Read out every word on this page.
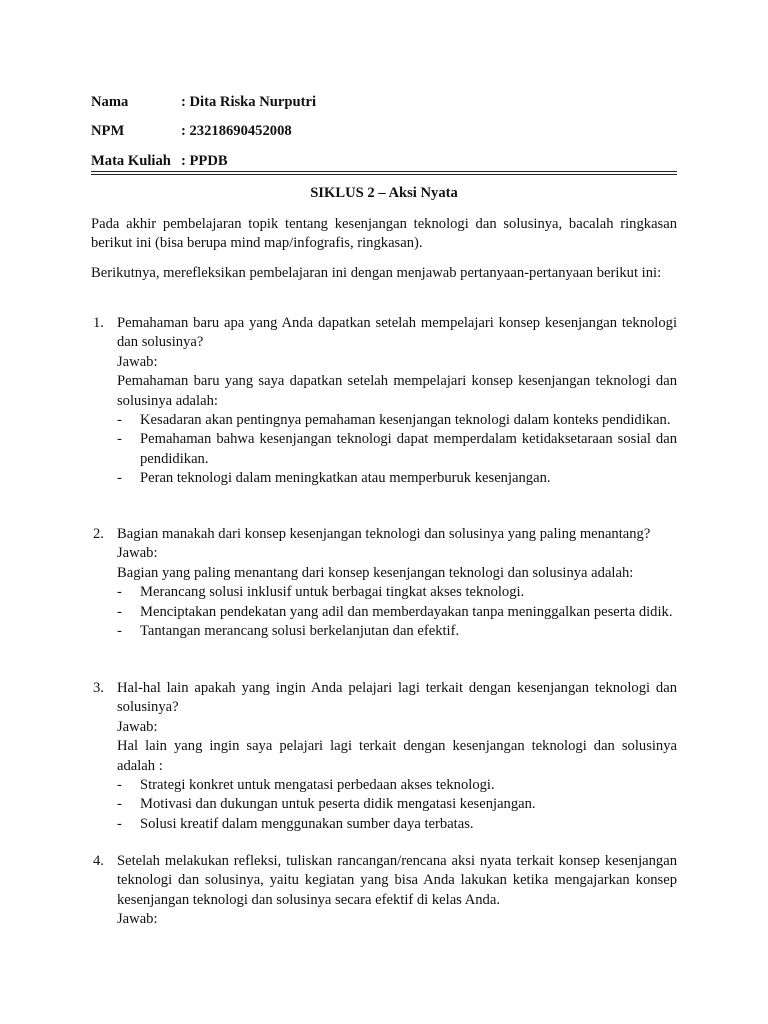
Nama	: Dita Riska Nurputri
NPM	: 23218690452008
Mata Kuliah : PPDB
SIKLUS 2 – Aksi Nyata
Pada akhir pembelajaran topik tentang kesenjangan teknologi dan solusinya, bacalah ringkasan berikut ini (bisa berupa mind map/infografis, ringkasan).
Berikutnya, merefleksikan pembelajaran ini dengan menjawab pertanyaan-pertanyaan berikut ini:
1. Pemahaman baru apa yang Anda dapatkan setelah mempelajari konsep kesenjangan teknologi dan solusinya?
Jawab:
Pemahaman baru yang saya dapatkan setelah mempelajari konsep kesenjangan teknologi dan solusinya adalah:
- Kesadaran akan pentingnya pemahaman kesenjangan teknologi dalam konteks pendidikan.
- Pemahaman bahwa kesenjangan teknologi dapat memperdalam ketidaksetaraan sosial dan pendidikan.
- Peran teknologi dalam meningkatkan atau memperburuk kesenjangan.
2. Bagian manakah dari konsep kesenjangan teknologi dan solusinya yang paling menantang?
Jawab:
Bagian yang paling menantang dari konsep kesenjangan teknologi dan solusinya adalah:
- Merancang solusi inklusif untuk berbagai tingkat akses teknologi.
- Menciptakan pendekatan yang adil dan memberdayakan tanpa meninggalkan peserta didik.
- Tantangan merancang solusi berkelanjutan dan efektif.
3. Hal-hal lain apakah yang ingin Anda pelajari lagi terkait dengan kesenjangan teknologi dan solusinya?
Jawab:
Hal lain yang ingin saya pelajari lagi terkait dengan kesenjangan teknologi dan solusinya adalah :
- Strategi konkret untuk mengatasi perbedaan akses teknologi.
- Motivasi dan dukungan untuk peserta didik mengatasi kesenjangan.
- Solusi kreatif dalam menggunakan sumber daya terbatas.
4. Setelah melakukan refleksi, tuliskan rancangan/rencana aksi nyata terkait konsep kesenjangan teknologi dan solusinya, yaitu kegiatan yang bisa Anda lakukan ketika mengajarkan konsep kesenjangan teknologi dan solusinya secara efektif di kelas Anda.
Jawab:
